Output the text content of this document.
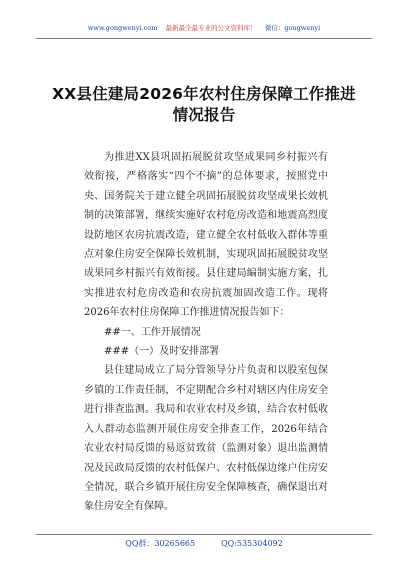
www.gongwenyi.com 最新最全最专业的公文资料库！ 微信：gongwenyi
XX县住建局2026年农村住房保障工作推进情况报告

为推进XX县巩固拓展脱贫攻坚成果同乡村振兴有效衔接，严格落实“四个不摘”的总体要求，按照党中央、国务院关于建立健全巩固拓展脱贫攻坚成果长效机制的决策部署，继续实施好农村危房改造和地震高烈度设防地区农房抗震改造，建立健全农村低收入群体等重点对象住房安全保障长效机制，实现巩固拓展脱贫攻坚成果同乡村振兴有效衔接。县住建局编制实施方案，扎实推进农村危房改造和农房抗震加固改造工作。现将2026年农村住房保障工作推进情况报告如下：

##一、工作开展情况

###（一）及时安排部署

县住建局成立了局分管领导分片负责和以股室包保乡镇的工作责任制，不定期配合乡村对辖区内住房安全进行排查监测。我局和农业农村及乡镇，结合农村低收入人群动态监测开展住房安全排查工作，2026年结合农业农村局反馈的易返贫致贫（监测对象）退出监测情况及民政局反馈的农村低保户、农村低保边缘户住房安全情况，联合乡镇开展住房安全保障核查，确保退出对象住房安全有保障。

QQ群：30265665	QQ:535304092
